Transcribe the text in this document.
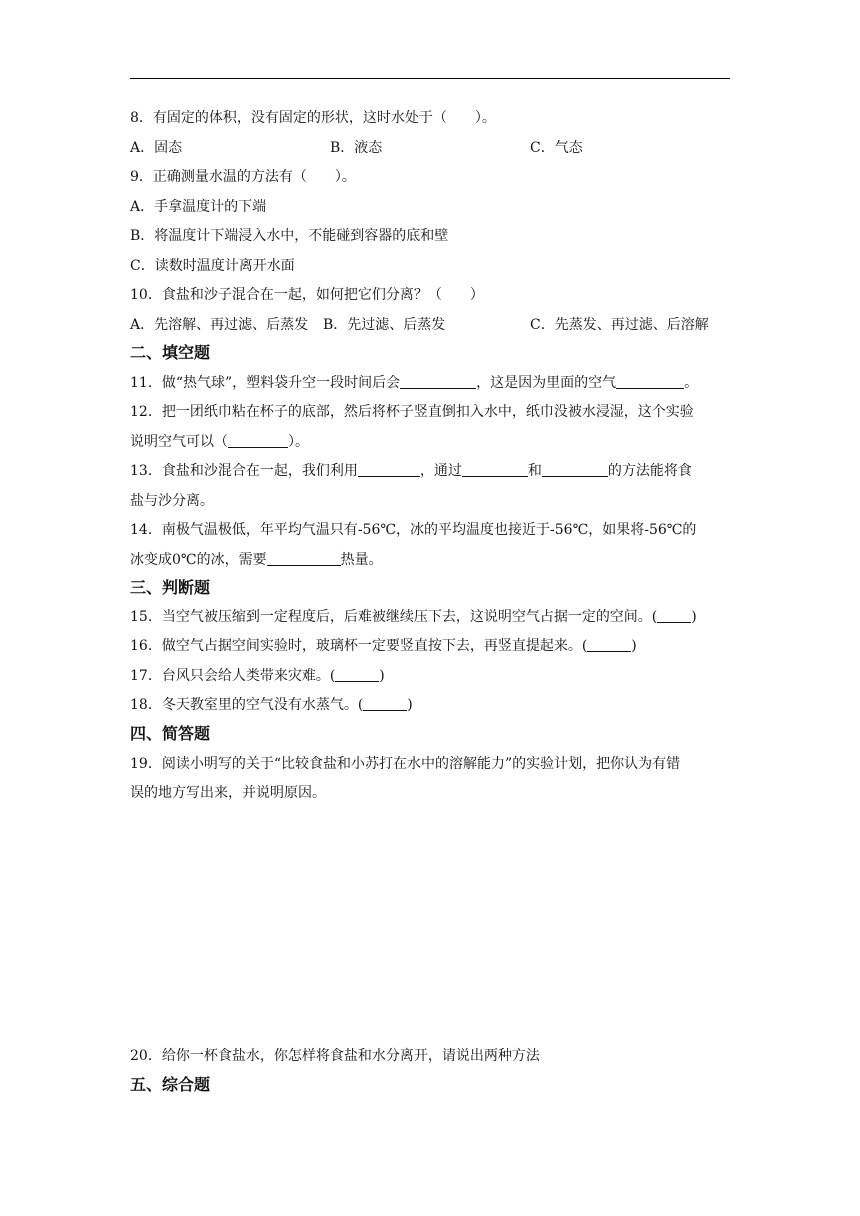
8．有固定的体积，没有固定的形状，这时水处于（　　）。
A．固态	B．液态	C．气态
9．正确测量水温的方法有（　　）。
A．手拿温度计的下端
B．将温度计下端浸入水中，不能碰到容器的底和壁
C．读数时温度计离开水面
10．食盐和沙子混合在一起，如何把它们分离？（　　）
A．先溶解、再过滤、后蒸发 B．先过滤、后蒸发	C．先蒸发、再过滤、后溶解
二、填空题
11．做“热气球”，塑料袋升空一段时间后会	，这是因为里面的空气	。
12．把一团纸巾粘在杯子的底部，然后将杯子竖直倒扣入水中，纸巾没被水浸湿，这个实验
说明空气可以（	）。
13．食盐和沙混合在一起，我们利用	，通过	和	的方法能将食
盐与沙分离。
14．南极气温极低，年平均气温只有-56℃，冰的平均温度也接近于-56℃，如果将-56℃的
冰变成0℃的冰，需要	热量。
三、判断题
15．当空气被压缩到一定程度后，后难被继续压下去，这说明空气占据一定的空间。( )
16．做空气占据空间实验时，玻璃杯一定要竖直按下去，再竖直提起来。(	)
17．台风只会给人类带来灾难。(	)
18．冬天教室里的空气没有水蒸气。(	)
四、简答题
19．阅读小明写的关于“比较食盐和小苏打在水中的溶解能力”的实验计划，把你认为有错
误的地方写出来，并说明原因。
20．给你一杯食盐水，你怎样将食盐和水分离开，请说出两种方法
五、综合题
